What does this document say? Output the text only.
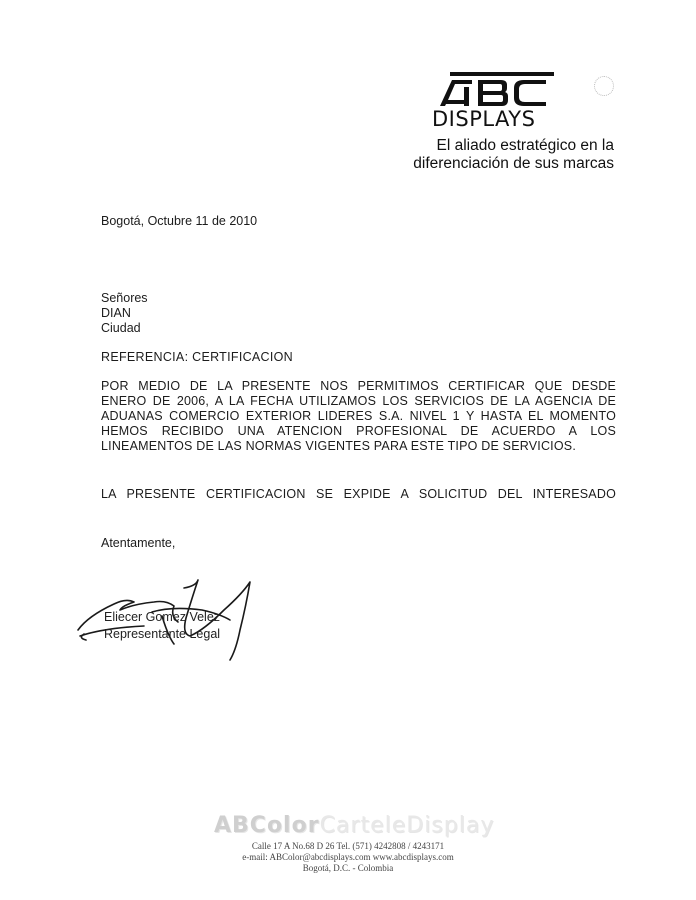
DISPLAYS
El aliado estratégico en la
diferenciación de sus marcas
Bogotá, Octubre 11 de 2010
Señores
DIAN
Ciudad
REFERENCIA: CERTIFICACION
POR MEDIO DE LA PRESENTE NOS PERMITIMOS CERTIFICAR QUE DESDE
ENERO DE 2006, A LA FECHA UTILIZAMOS LOS SERVICIOS DE LA AGENCIA DE
ADUANAS COMERCIO EXTERIOR LIDERES S.A. NIVEL 1 Y HASTA EL MOMENTO
HEMOS RECIBIDO UNA ATENCION PROFESIONAL DE ACUERDO A LOS
LINEAMENTOS DE LAS NORMAS VIGENTES PARA ESTE TIPO DE SERVICIOS.
LA PRESENTE CERTIFICACION SE EXPIDE A SOLICITUD DEL INTERESADO
Atentamente,
Eliecer Gomez Velez
Representante Legal
ABColorCarteleDisplay
Calle 17 A No.68 D 26 Tel. (571) 4242808 / 4243171
e-mail: ABColor@abcdisplays.com www.abcdisplays.com
Bogotá, D.C. - Colombia
